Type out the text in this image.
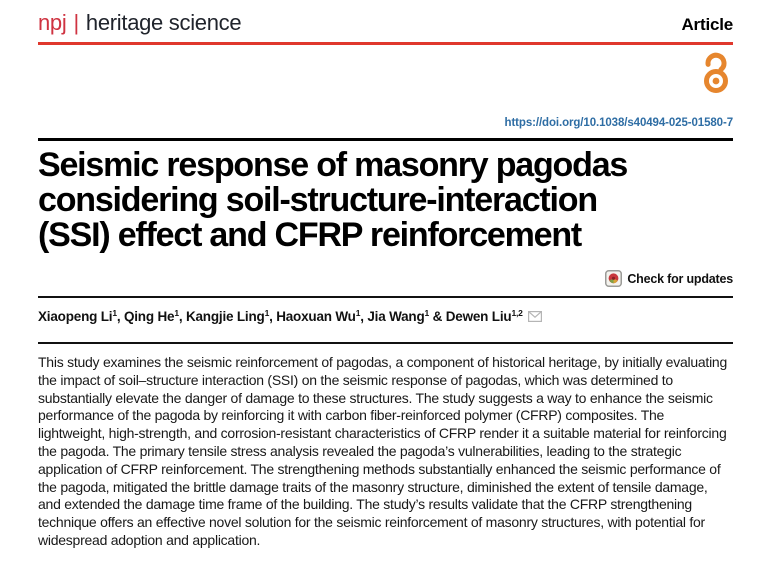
npj | heritage science	Article
https://doi.org/10.1038/s40494-025-01580-7
Seismic response of masonry pagodas
considering soil-structure-interaction
(SSI) effect and CFRP reinforcement
Check for updates
Xiaopeng Li$^1$, Qing He$^1$, Kangjie Ling$^1$, Haoxuan Wu$^1$, Jia Wang$^1$ & Dewen Liu$^{1,2}$

This study examines the seismic reinforcement of pagodas, a component of historical heritage, by initially evaluating the impact of soil–structure interaction (SSI) on the seismic response of pagodas, which was determined to substantially elevate the danger of damage to these structures. The study suggests a way to enhance the seismic performance of the pagoda by reinforcing it with carbon fiber-reinforced polymer (CFRP) composites. The lightweight, high-strength, and corrosion-resistant characteristics of CFRP render it a suitable material for reinforcing the pagoda. The primary tensile stress analysis revealed the pagoda’s vulnerabilities, leading to the strategic application of CFRP reinforcement. The strengthening methods substantially enhanced the seismic performance of the pagoda, mitigated the brittle damage traits of the masonry structure, diminished the extent of tensile damage, and extended the damage time frame of the building. The study’s results validate that the CFRP strengthening technique offers an effective novel solution for the seismic reinforcement of masonry structures, with potential for widespread adoption and application.
